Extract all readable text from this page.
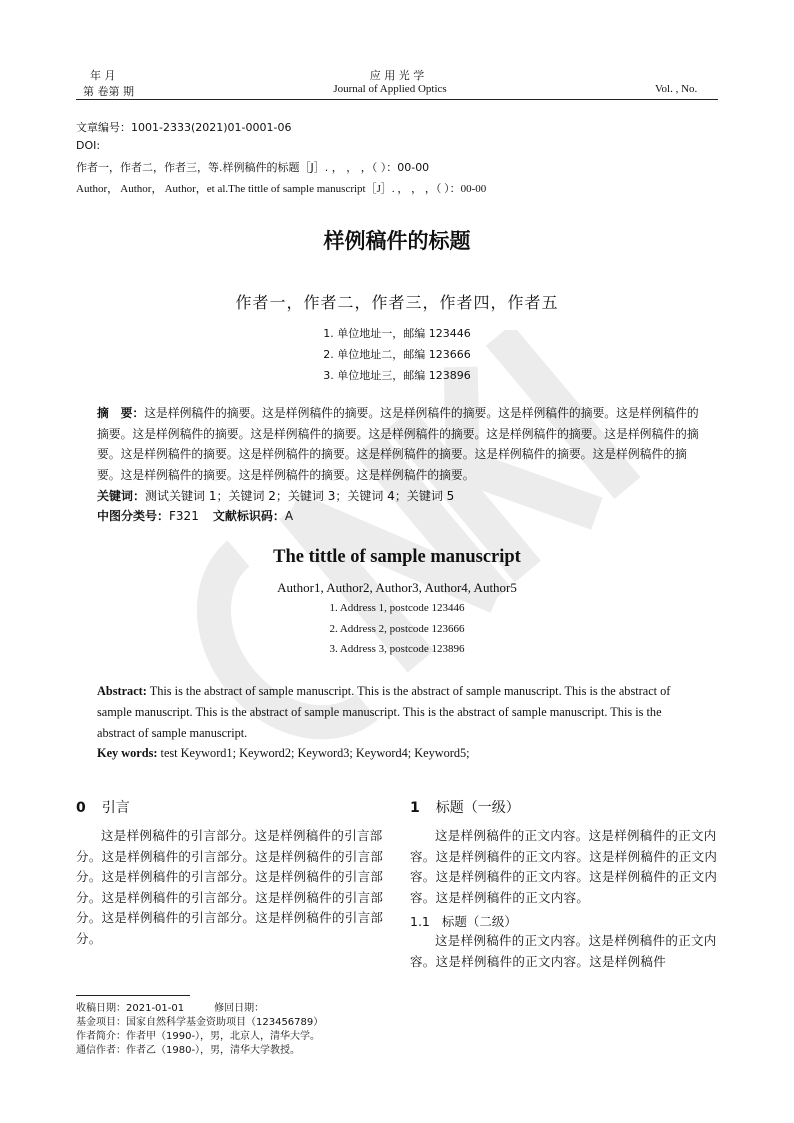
年 月
第 卷第 期
应 用 光 学
Journal of Applied Optics	Vol. , No.
文章编号：1001-2333(2021)01-0001-06
DOI:
作者一，作者二，作者三，等.样例稿件的标题［J］. ， ， ，（ ）：00-00
Author， Author， Author，et al.The tittle of sample manuscript［J］. ， ， ，（ ）：00-00
样例稿件的标题
作者一，作者二，作者三，作者四，作者五
1. 单位地址一，邮编 123446
2. 单位地址二，邮编 123666
3. 单位地址三，邮编 123896
摘　要：这是样例稿件的摘要。这是样例稿件的摘要。这是样例稿件的摘要。这是样例稿件的摘要。这是样例稿件的摘要。这是样例稿件的摘要。这是样例稿件的摘要。这是样例稿件的摘要。这是样例稿件的摘要。这是样例稿件的摘要。这是样例稿件的摘要。这是样例稿件的摘要。这是样例稿件的摘要。这是样例稿件的摘要。这是样例稿件的摘要。这是样例稿件的摘要。这是样例稿件的摘要。这是样例稿件的摘要。
关键词：测试关键词 1；关键词 2；关键词 3；关键词 4；关键词 5
中图分类号：F321 文献标识码：A
The tittle of sample manuscript
Author1, Author2, Author3, Author4, Author5
1. Address 1, postcode 123446
2. Address 2, postcode 123666
3. Address 3, postcode 123896
Abstract: This is the abstract of sample manuscript. This is the abstract of sample manuscript. This is the abstract of sample manuscript. This is the abstract of sample manuscript. This is the abstract of sample manuscript. This is the abstract of sample manuscript.
Key words: test Keyword1; Keyword2; Keyword3; Keyword4; Keyword5;
0 引言
这是样例稿件的引言部分。这是样例稿件的引言部分。这是样例稿件的引言部分。这是样例稿件的引言部分。这是样例稿件的引言部分。这是样例稿件的引言部分。这是样例稿件的引言部分。这是样例稿件的引言部分。这是样例稿件的引言部分。这是样例稿件的引言部分。
1 标题（一级）
这是样例稿件的正文内容。这是样例稿件的正文内容。这是样例稿件的正文内容。这是样例稿件的正文内容。这是样例稿件的正文内容。这是样例稿件的正文内容。这是样例稿件的正文内容。
1.1 标题（二级）
这是样例稿件的正文内容。这是样例稿件的正文内容。这是样例稿件的正文内容。这是样例稿件
收稿日期：2021-01-01　　　修回日期：
基金项目：国家自然科学基金资助项目（123456789）
作者简介：作者甲（1990-），男，北京人，清华大学。
通信作者：作者乙（1980-），男，清华大学教授。
